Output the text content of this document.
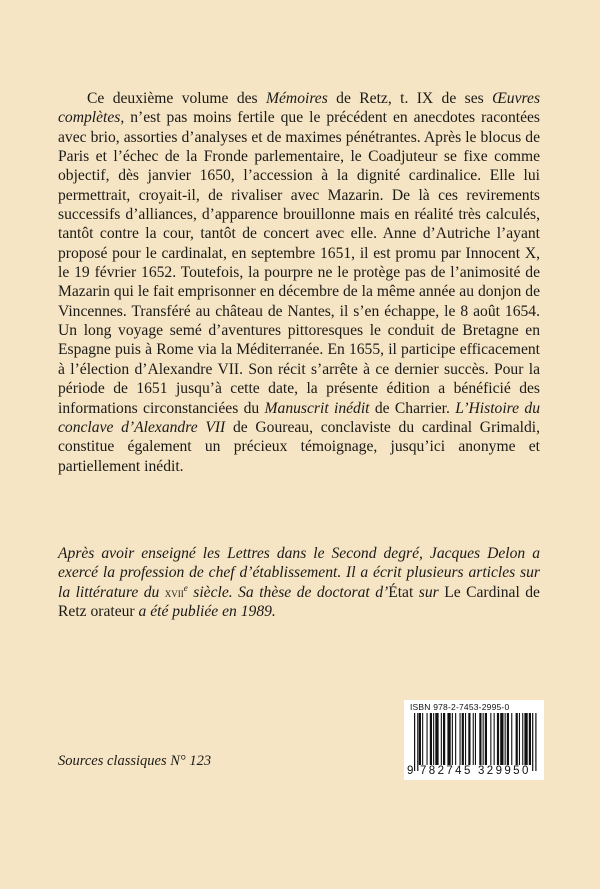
Ce deuxième volume des Mémoires de Retz, t. IX de ses Œuvres complètes, n’est pas moins fertile que le précédent en anecdotes racontées avec brio, assorties d’analyses et de maximes pénétrantes. Après le blocus de Paris et l’échec de la Fronde parlementaire, le Coadjuteur se fixe comme objectif, dès janvier 1650, l’accession à la dignité cardinalice. Elle lui permettrait, croyait-il, de rivaliser avec Mazarin. De là ces revirements successifs d’alliances, d’apparence brouillonne mais en réalité très calculés, tantôt contre la cour, tantôt de concert avec elle. Anne d’Autriche l’ayant proposé pour le cardinalat, en septembre 1651, il est promu par Innocent X, le 19 février 1652. Toutefois, la pourpre ne le protège pas de l’animosité de Mazarin qui le fait emprisonner en décembre de la même année au donjon de Vincennes. Transféré au château de Nantes, il s’en échappe, le 8 août 1654. Un long voyage semé d’aventures pittoresques le conduit de Bretagne en Espagne puis à Rome via la Méditerranée. En 1655, il participe efficacement à l’élection d’Alexandre VII. Son récit s’arrête à ce dernier succès. Pour la période de 1651 jusqu’à cette date, la présente édition a bénéficié des informations circonstanciées du Manuscrit inédit de Charrier. L’Histoire du conclave d’Alexandre VII de Goureau, conclaviste du cardinal Grimaldi, constitue également un précieux témoignage, jusqu’ici anonyme et partiellement inédit.

Après avoir enseigné les Lettres dans le Second degré, Jacques Delon a exercé la profession de chef d’établissement. Il a écrit plusieurs articles sur la littérature du xvii$^e$ siècle. Sa thèse de doctorat d’État sur Le Cardinal de Retz orateur a été publiée en 1989.

Sources classiques N° 123

ISBN 978-2-7453-2995-0
9 782745 329950
